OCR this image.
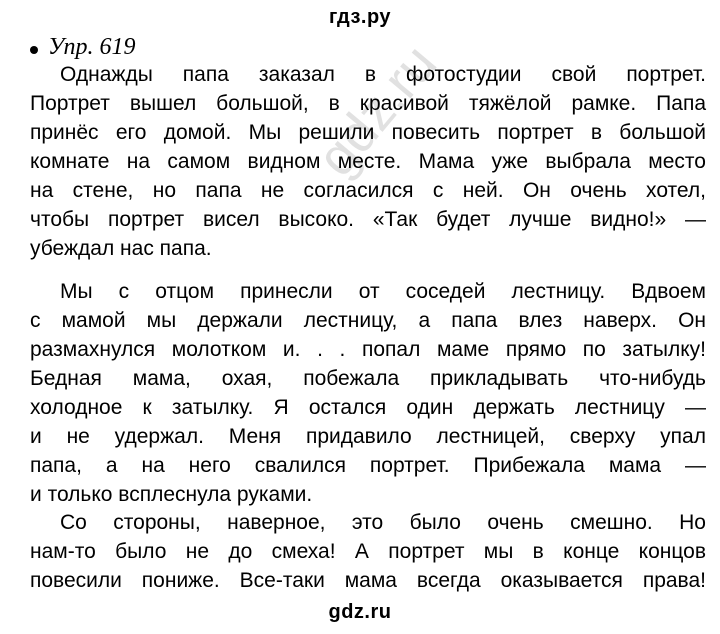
гдз.ру
gdz.ru
Упр. 619
Однажды папа заказал в фотостудии свой портрет.
Портрет вышел большой, в красивой тяжёлой рамке. Папа
принёс его домой. Мы решили повесить портрет в большой
комнате на самом видном месте. Мама уже выбрала место
на стене, но папа не согласился с ней. Он очень хотел,
чтобы портрет висел высоко. «Так будет лучше видно!» —
убеждал нас папа.
Мы с отцом принесли от соседей лестницу. Вдвоем
с мамой мы держали лестницу, а папа влез наверх. Он
размахнулся молотком и. . . попал маме прямо по затылку!
Бедная мама, охая, побежала прикладывать что-нибудь
холодное к затылку. Я остался один держать лестницу —
и не удержал. Меня придавило лестницей, сверху упал
папа, а на него свалился портрет. Прибежала мама —
и только всплеснула руками.
Со стороны, наверное, это было очень смешно. Но
нам-то было не до смеха! А портрет мы в конце концов
повесили пониже. Все-таки мама всегда оказывается права!
gdz.ru
